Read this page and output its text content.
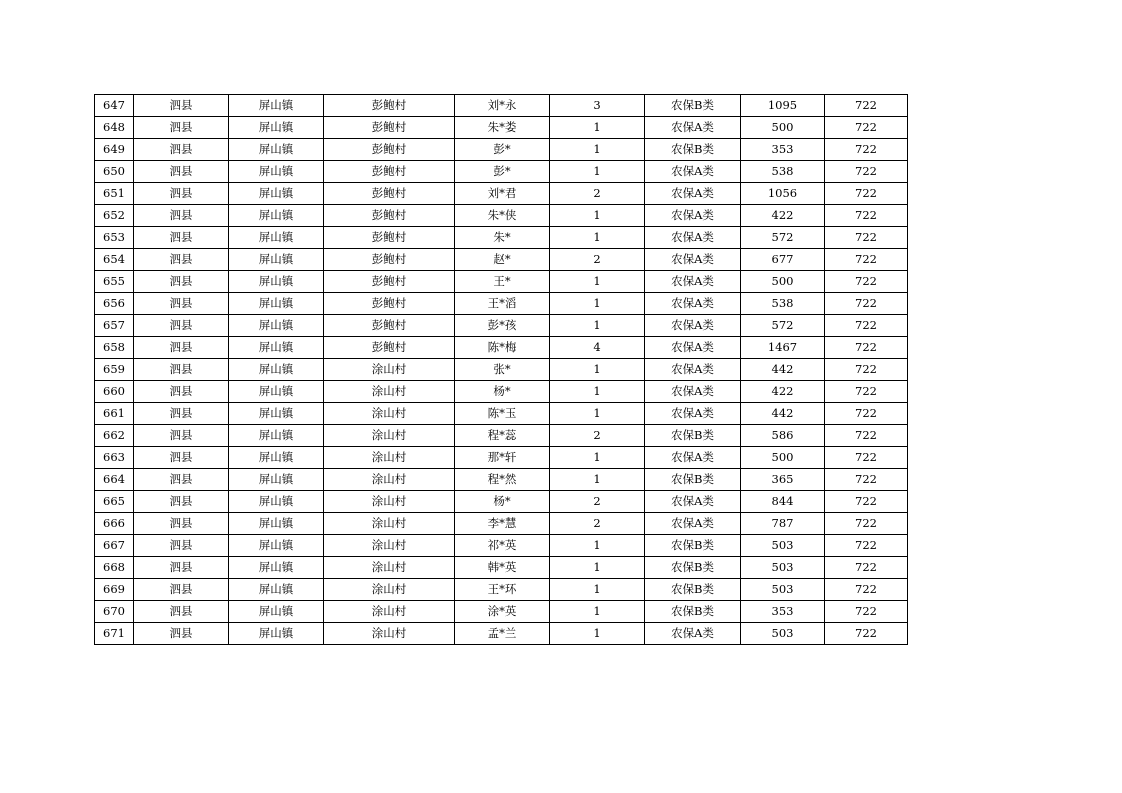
647	泗县	屏山镇	彭鲍村	刘*永	3	农保B类	1095	722
648	泗县	屏山镇	彭鲍村	朱*娄	1	农保A类	500	722
649	泗县	屏山镇	彭鲍村	彭*	1	农保B类	353	722
650	泗县	屏山镇	彭鲍村	彭*	1	农保A类	538	722
651	泗县	屏山镇	彭鲍村	刘*君	2	农保A类	1056	722
652	泗县	屏山镇	彭鲍村	朱*侠	1	农保A类	422	722
653	泗县	屏山镇	彭鲍村	朱*	1	农保A类	572	722
654	泗县	屏山镇	彭鲍村	赵*	2	农保A类	677	722
655	泗县	屏山镇	彭鲍村	王*	1	农保A类	500	722
656	泗县	屏山镇	彭鲍村	王*滔	1	农保A类	538	722
657	泗县	屏山镇	彭鲍村	彭*孩	1	农保A类	572	722
658	泗县	屏山镇	彭鲍村	陈*梅	4	农保A类	1467	722
659	泗县	屏山镇	涂山村	张*	1	农保A类	442	722
660	泗县	屏山镇	涂山村	杨*	1	农保A类	422	722
661	泗县	屏山镇	涂山村	陈*玉	1	农保A类	442	722
662	泗县	屏山镇	涂山村	程*蕊	2	农保B类	586	722
663	泗县	屏山镇	涂山村	那*轩	1	农保A类	500	722
664	泗县	屏山镇	涂山村	程*然	1	农保B类	365	722
665	泗县	屏山镇	涂山村	杨*	2	农保A类	844	722
666	泗县	屏山镇	涂山村	李*慧	2	农保A类	787	722
667	泗县	屏山镇	涂山村	祁*英	1	农保B类	503	722
668	泗县	屏山镇	涂山村	韩*英	1	农保B类	503	722
669	泗县	屏山镇	涂山村	王*环	1	农保B类	503	722
670	泗县	屏山镇	涂山村	涂*英	1	农保B类	353	722
671	泗县	屏山镇	涂山村	孟*兰	1	农保A类	503	722
